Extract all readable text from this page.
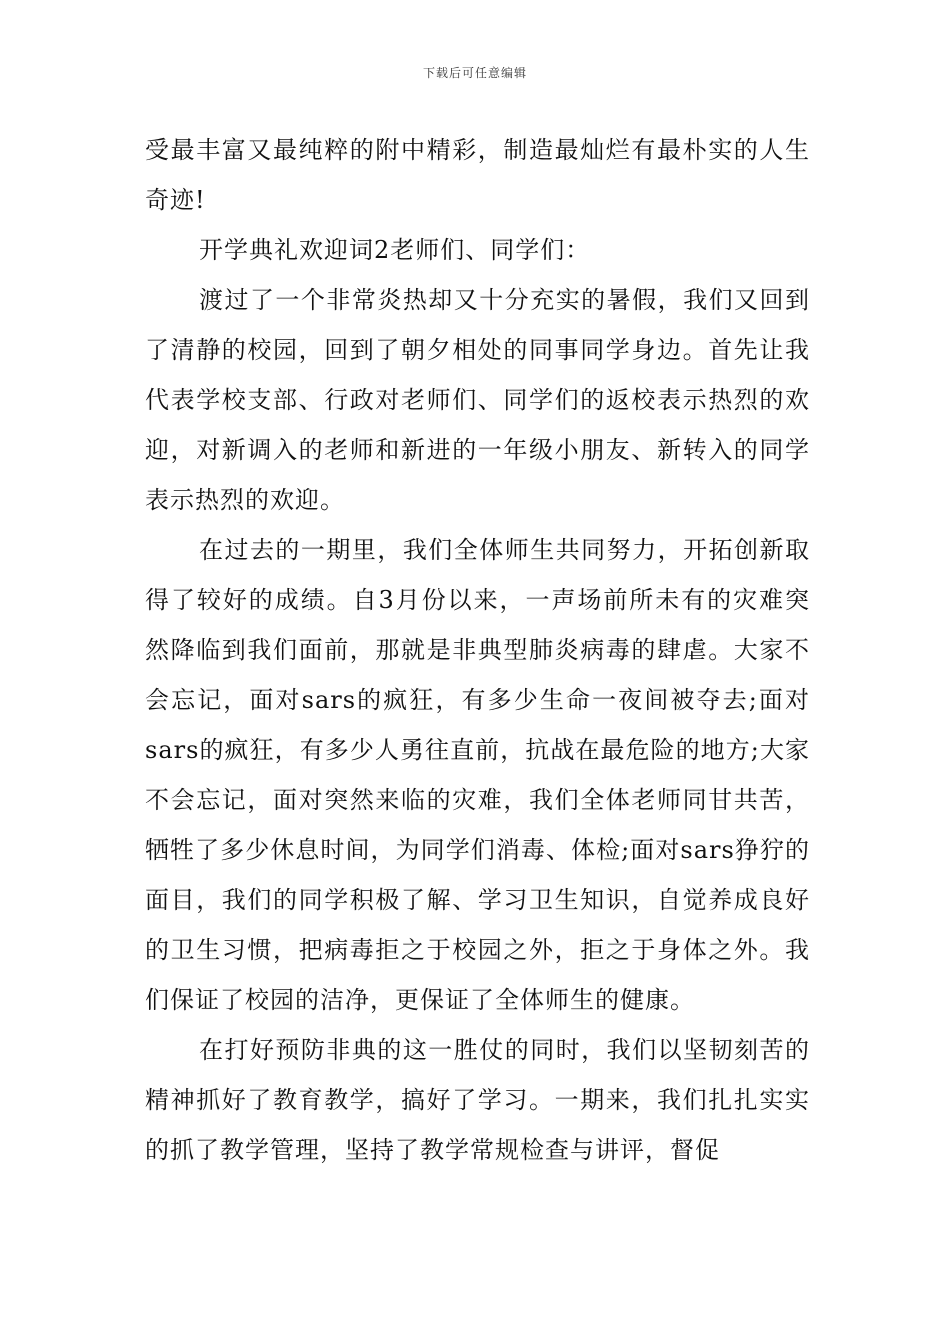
下载后可任意编辑

受最丰富又最纯粹的附中精彩，制造最灿烂有最朴实的人生奇迹!

开学典礼欢迎词2老师们、同学们：

渡过了一个非常炎热却又十分充实的暑假，我们又回到了清静的校园，回到了朝夕相处的同事同学身边。首先让我代表学校支部、行政对老师们、同学们的返校表示热烈的欢迎，对新调入的老师和新进的一年级小朋友、新转入的同学表示热烈的欢迎。

在过去的一期里，我们全体师生共同努力，开拓创新取得了较好的成绩。自3月份以来，一声场前所未有的灾难突然降临到我们面前，那就是非典型肺炎病毒的肆虐。大家不会忘记，面对sars的疯狂，有多少生命一夜间被夺去;面对sars的疯狂，有多少人勇往直前，抗战在最危险的地方;大家不会忘记，面对突然来临的灾难，我们全体老师同甘共苦，牺牲了多少休息时间，为同学们消毒、体检;面对sars狰狞的面目，我们的同学积极了解、学习卫生知识，自觉养成良好的卫生习惯，把病毒拒之于校园之外，拒之于身体之外。我们保证了校园的洁净，更保证了全体师生的健康。

在打好预防非典的这一胜仗的同时，我们以坚韧刻苦的精神抓好了教育教学，搞好了学习。一期来，我们扎扎实实的抓了教学管理，坚持了教学常规检查与讲评，督促
